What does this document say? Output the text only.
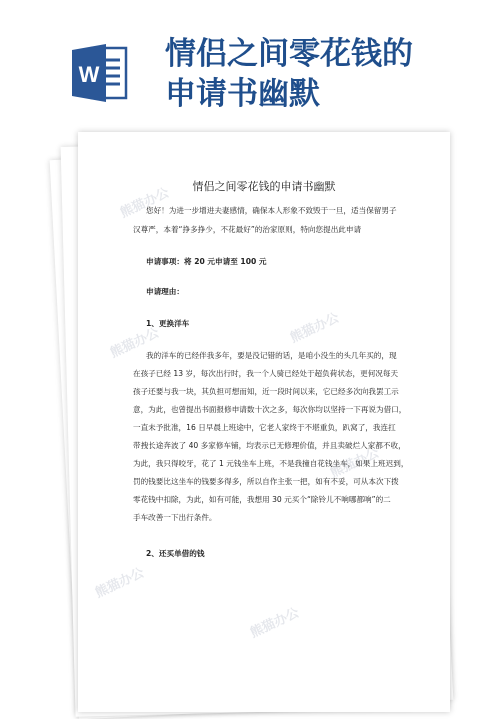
W
情侣之间零花钱的
申请书幽默
熊猫办公
熊猫办公
熊猫办公
熊猫办公
熊猫办公
熊猫办公
情侣之间零花钱的申请书幽默
您好！为进一步增进夫妻感情，确保本人形象不致毁于一旦，适当保留男子
汉尊严，本着“挣多挣少，不花最好”的治家原则，特向您提出此申请
申请事项：将 20 元申请至 100 元
申请理由：
1、更换洋车
我的洋车的已经伴我多年，要是没记错的话，是咱小没生的头几年买的，现
在孩子已经 13 岁，每次出行时，我一个人骑已经处于超负荷状态，更何况每天
孩子还要与我一块，其负担可想而知，近一段时间以来，它已经多次向我罢工示
意，为此，也曾提出书面报修申请数十次之多，每次你均以坚持一下再说为借口，
一直未予批准，16 日早晨上班途中，它老人家终于不堪重负，趴窝了，我连扛
带拽长途奔波了 40 多家修车铺，均表示已无修理价值，并且卖破烂人家都不收，
为此，我只得咬牙，花了 1 元钱坐车上班，不是我撞自花钱坐车，如果上班迟到，
罚的钱要比这坐车的钱要多得多，所以自作主张一把，如有不妥，可从本次下拨
零花钱中扣除，为此，如有可能，我想用 30 元买个“除铃儿不响哪都响”的二
手车改善一下出行条件。
2、还买单借的钱
